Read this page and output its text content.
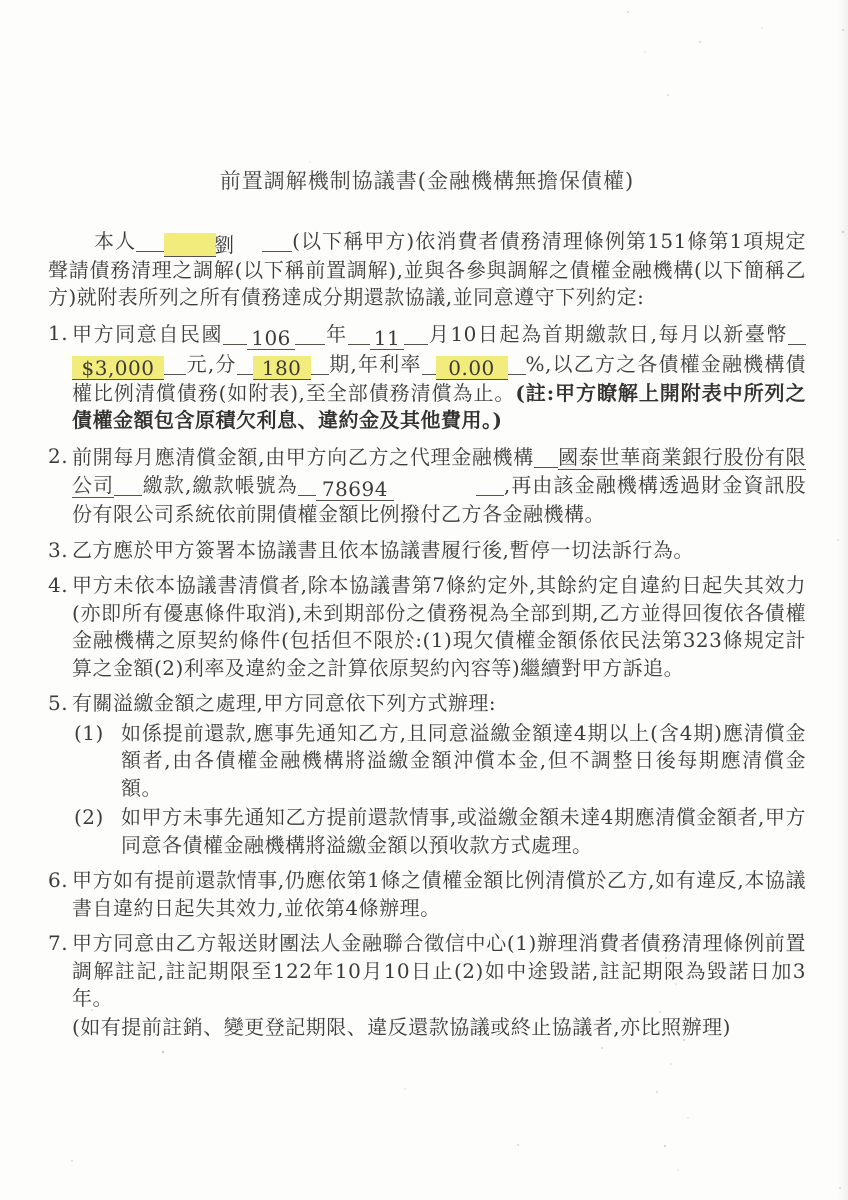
前置調解機制協議書(金融機構無擔保債權)

本人	劉	(以下稱甲方)依消費者債務清理條例第151條第1項規定聲請債務清理之調解(以下稱前置調解),並與各參與調解之債權金融機構(以下簡稱乙方)就附表所列之所有債務達成分期還款協議,並同意遵守下列約定:

1. 甲方同意自民國 106 年 11 月10日起為首期繳款日,每月以新臺幣$3,000 元,分 180 期,年利率 0.00 %,以乙方之各債權金融機構債權比例清償債務(如附表),至全部債務清償為止。(註:甲方瞭解上開附表中所列之債權金額包含原積欠利息、違約金及其他費用。)
2. 前開每月應清償金額,由甲方向乙方之代理金融機構 國泰世華商業銀行股份有限公司 繳款,繳款帳號為 78694	,再由該金融機構透過財金資訊股份有限公司系統依前開債權金額比例撥付乙方各金融機構。
3. 乙方應於甲方簽署本協議書且依本協議書履行後,暫停一切法訴行為。
4. 甲方未依本協議書清償者,除本協議書第7條約定外,其餘約定自違約日起失其效力(亦即所有優惠條件取消),未到期部份之債務視為全部到期,乙方並得回復依各債權金融機構之原契約條件(包括但不限於:(1)現欠債權金額係依民法第323條規定計算之金額(2)利率及違約金之計算依原契約內容等)繼續對甲方訴追。
5. 有關溢繳金額之處理,甲方同意依下列方式辦理:
(1) 如係提前還款,應事先通知乙方,且同意溢繳金額達4期以上(含4期)應清償金額者,由各債權金融機構將溢繳金額沖償本金,但不調整日後每期應清償金額。
(2) 如甲方未事先通知乙方提前還款情事,或溢繳金額未達4期應清償金額者,甲方同意各債權金融機構將溢繳金額以預收款方式處理。
6. 甲方如有提前還款情事,仍應依第1條之債權金額比例清償於乙方,如有違反,本協議書自違約日起失其效力,並依第4條辦理。
7. 甲方同意由乙方報送財團法人金融聯合徵信中心(1)辦理消費者債務清理條例前置調解註記,註記期限至122年10月10日止(2)如中途毀諾,註記期限為毀諾日加3年。
(如有提前註銷、變更登記期限、違反還款協議或終止協議者,亦比照辦理)
